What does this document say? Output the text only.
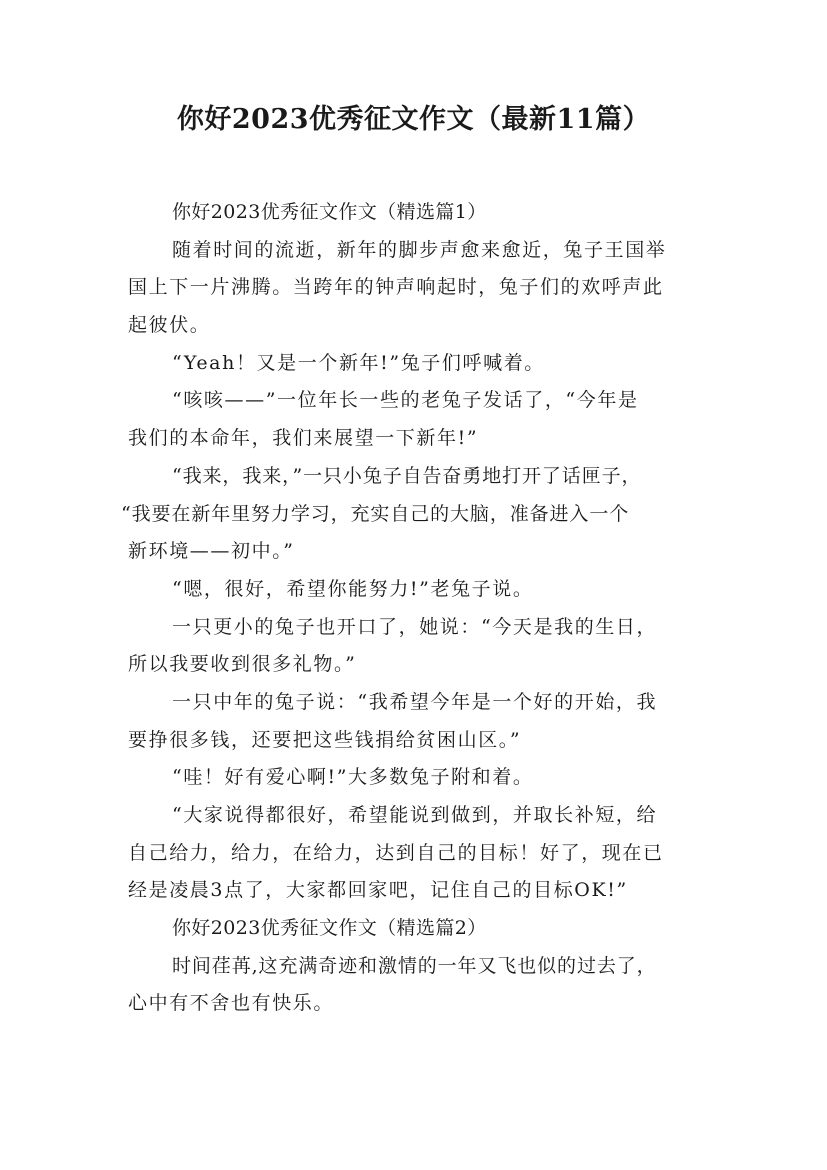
你好2023优秀征文作文（最新11篇）
你好2023优秀征文作文（精选篇1）
随着时间的流逝，新年的脚步声愈来愈近，兔子王国举
国上下一片沸腾。当跨年的钟声响起时，兔子们的欢呼声此
起彼伏。
“Yeah！又是一个新年!”兔子们呼喊着。
“咳咳——”一位年长一些的老兔子发话了，“今年是
我们的本命年，我们来展望一下新年!”
“我来，我来，”一只小兔子自告奋勇地打开了话匣子，
“我要在新年里努力学习，充实自己的大脑，准备进入一个
新环境——初中。”
“嗯，很好，希望你能努力!”老兔子说。
一只更小的兔子也开口了，她说：“今天是我的生日，
所以我要收到很多礼物。”
一只中年的兔子说：“我希望今年是一个好的开始，我
要挣很多钱，还要把这些钱捐给贫困山区。”
“哇！好有爱心啊!”大多数兔子附和着。
“大家说得都很好，希望能说到做到，并取长补短，给
自己给力，给力，在给力，达到自己的目标！好了，现在已
经是凌晨3点了，大家都回家吧，记住自己的目标OK!”
你好2023优秀征文作文（精选篇2）
时间荏苒,这充满奇迹和激情的一年又飞也似的过去了，
心中有不舍也有快乐。
